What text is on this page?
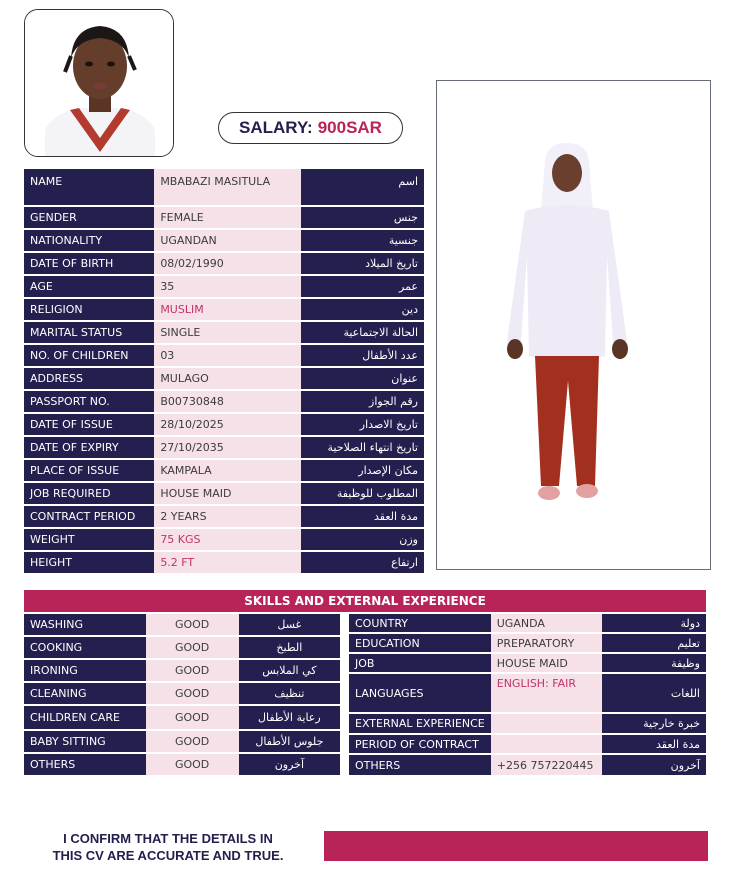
SALARY: 900SAR
NAME	MBABAZI MASITULA	اسم
GENDER	FEMALE	جنس
NATIONALITY	UGANDAN	جنسية
DATE OF BIRTH	08/02/1990	تاريخ الميلاد
AGE	35	عمر
RELIGION	MUSLIM	دين
MARITAL STATUS	SINGLE	الحالة الاجتماعية
NO. OF CHILDREN	03	عدد الأطفال
ADDRESS	MULAGO	عنوان
PASSPORT NO.	B00730848	رقم الجواز
DATE OF ISSUE	28/10/2025	تاريخ الاصدار
DATE OF EXPIRY	27/10/2035	تاريخ انتهاء الصلاحية
PLACE OF ISSUE	KAMPALA	مكان الإصدار
JOB REQUIRED	HOUSE MAID	المطلوب للوظيفة
CONTRACT PERIOD	2 YEARS	مدة العقد
WEIGHT	75 KGS	وزن
HEIGHT	5.2 FT	ارتفاع
SKILLS AND EXTERNAL EXPERIENCE
WASHING	GOOD	غسل
COOKING	GOOD	الطبخ
IRONING	GOOD	كي الملابس
CLEANING	GOOD	تنظيف
CHILDREN CARE	GOOD	رعاية الأطفال
BABY SITTING	GOOD	جلوس الأطفال
OTHERS	GOOD	آخرون
COUNTRY	UGANDA	دولة
EDUCATION	PREPARATORY	تعليم
JOB	HOUSE MAID	وظيفة
LANGUAGES	ENGLISH: FAIR	اللغات
EXTERNAL EXPERIENCE		خبرة خارجية
PERIOD OF CONTRACT		مدة العقد
OTHERS	+256 757220445	آخرون
I CONFIRM THAT THE DETAILS IN
THIS CV ARE ACCURATE AND TRUE.
